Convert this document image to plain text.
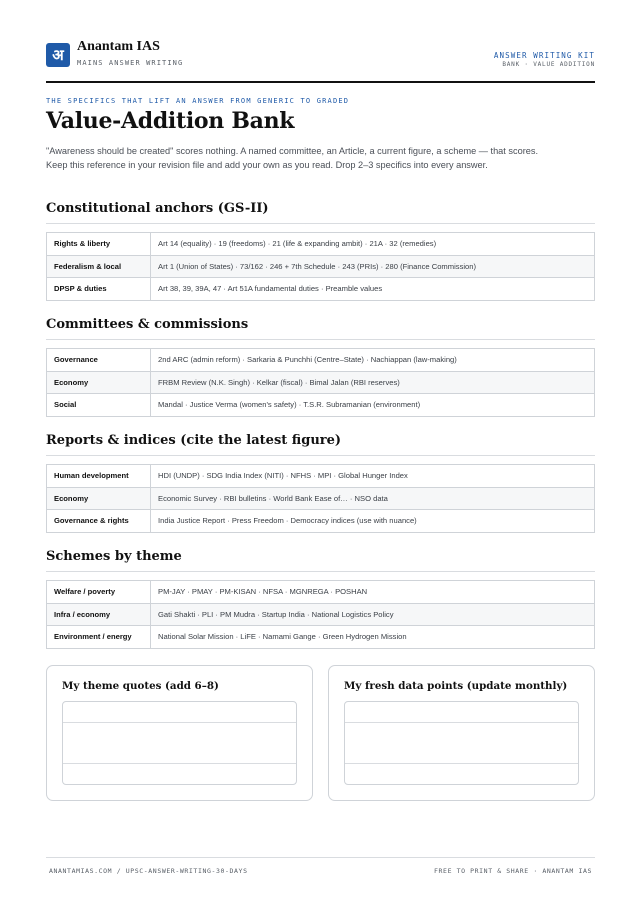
अ Anantam IAS
MAINS ANSWER WRITING
ANSWER WRITING KIT
BANK · VALUE ADDITION
THE SPECIFICS THAT LIFT AN ANSWER FROM GENERIC TO GRADED
Value-Addition Bank
"Awareness should be created" scores nothing. A named committee, an Article, a current figure, a scheme — that scores. Keep this reference in your revision file and add your own as you read. Drop 2–3 specifics into every answer.
Constitutional anchors (GS-II)
Rights & liberty	Art 14 (equality) · 19 (freedoms) · 21 (life & expanding ambit) · 21A · 32 (remedies)
Federalism & local	Art 1 (Union of States) · 73/162 · 246 + 7th Schedule · 243 (PRIs) · 280 (Finance Commission)
DPSP & duties	Art 38, 39, 39A, 47 · Art 51A fundamental duties · Preamble values
Committees & commissions
Governance	2nd ARC (admin reform) · Sarkaria & Punchhi (Centre–State) · Nachiappan (law-making)
Economy	FRBM Review (N.K. Singh) · Kelkar (fiscal) · Bimal Jalan (RBI reserves)
Social	Mandal · Justice Verma (women's safety) · T.S.R. Subramanian (environment)
Reports & indices (cite the latest figure)
Human development	HDI (UNDP) · SDG India Index (NITI) · NFHS · MPI · Global Hunger Index
Economy	Economic Survey · RBI bulletins · World Bank Ease of… · NSO data
Governance & rights	India Justice Report · Press Freedom · Democracy indices (use with nuance)
Schemes by theme
Welfare / poverty	PM-JAY · PMAY · PM-KISAN · NFSA · MGNREGA · POSHAN
Infra / economy	Gati Shakti · PLI · PM Mudra · Startup India · National Logistics Policy
Environment / energy	National Solar Mission · LiFE · Namami Gange · Green Hydrogen Mission
My theme quotes (add 6–8)	My fresh data points (update monthly)
ANANTAMIAS.COM / UPSC-ANSWER-WRITING-30-DAYS	FREE TO PRINT & SHARE · ANANTAM IAS
